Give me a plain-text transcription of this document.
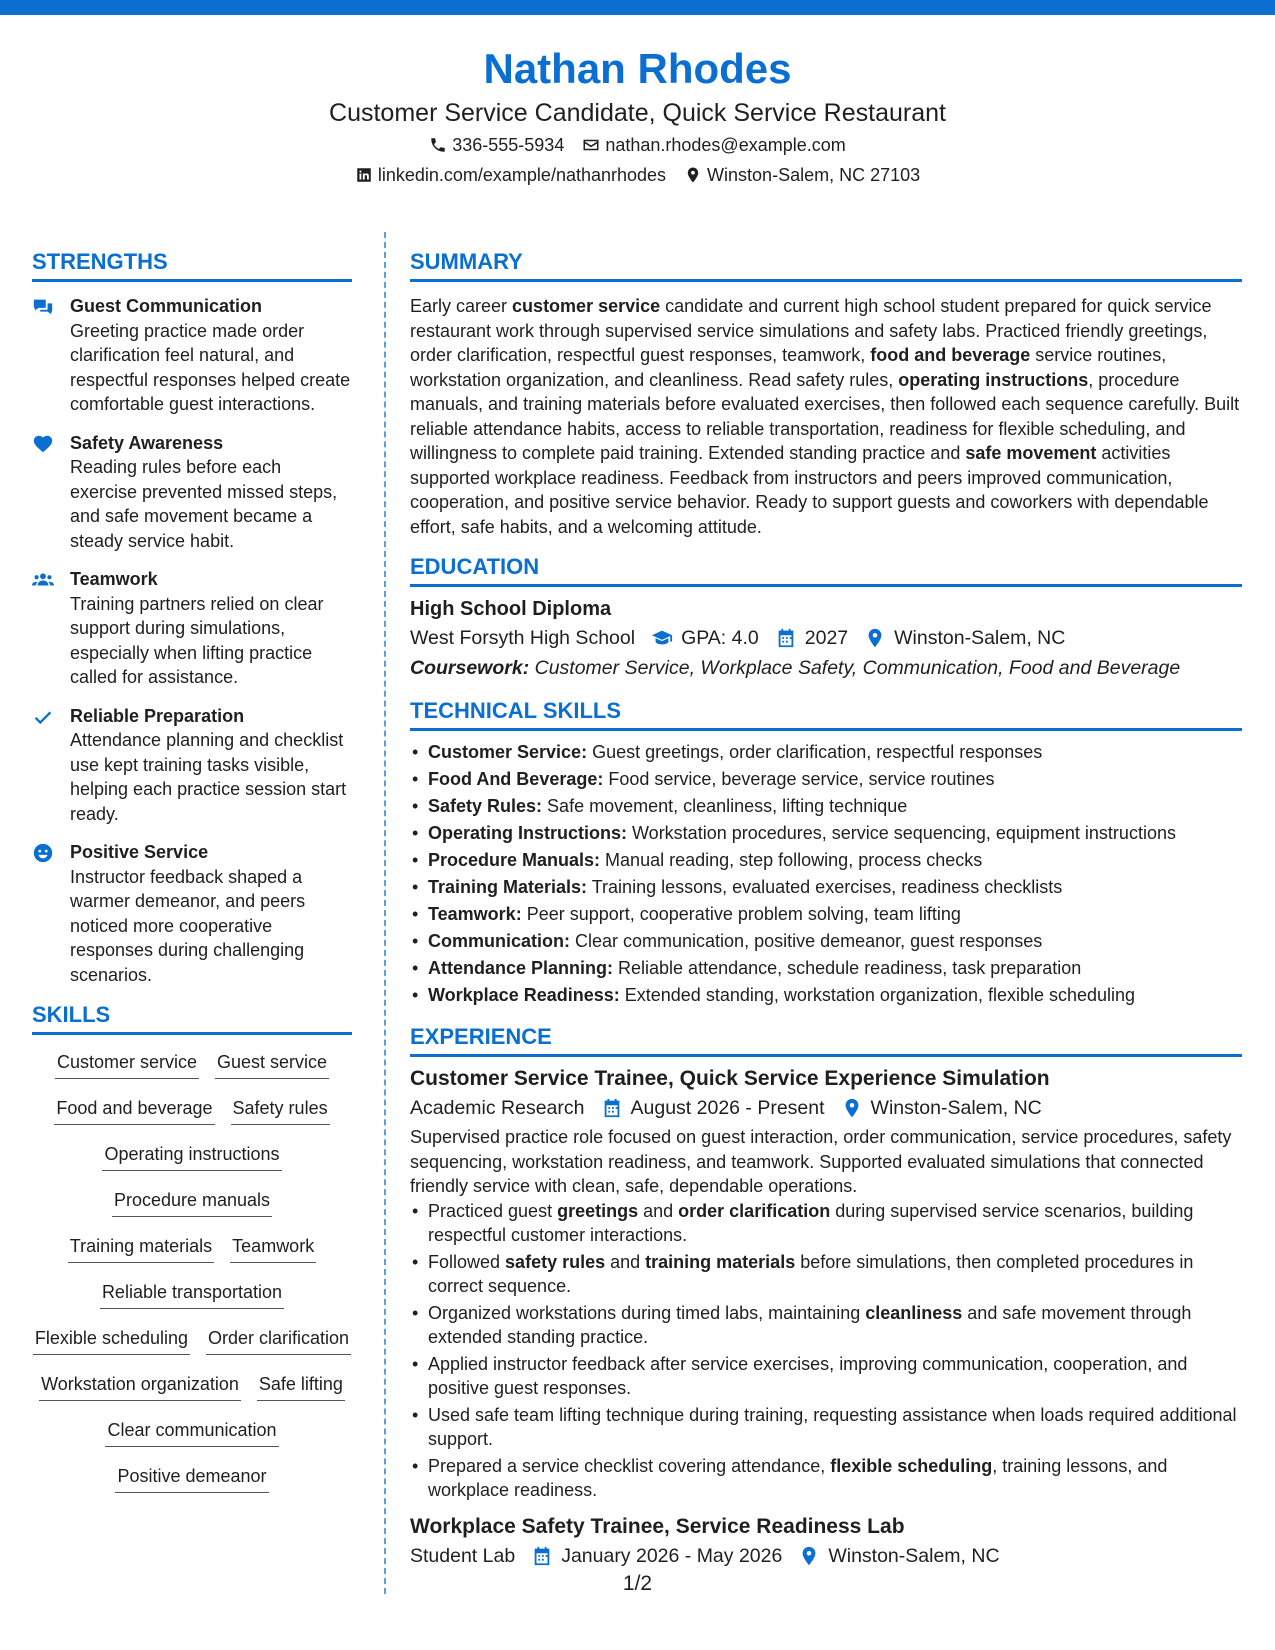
Nathan Rhodes
Customer Service Candidate, Quick Service Restaurant
336-555-5934 nathan.rhodes@example.com
linkedin.com/example/nathanrhodes Winston-Salem, NC 27103
STRENGTHS
Guest Communication
Greeting practice made order clarification feel natural, and respectful responses helped create comfortable guest interactions.
Safety Awareness
Reading rules before each exercise prevented missed steps, and safe movement became a steady service habit.
Teamwork
Training partners relied on clear support during simulations, especially when lifting practice called for assistance.
Reliable Preparation
Attendance planning and checklist use kept training tasks visible, helping each practice session start ready.
Positive Service
Instructor feedback shaped a warmer demeanor, and peers noticed more cooperative responses during challenging scenarios.
SKILLS
Customer service Guest service
Food and beverage Safety rules
Operating instructions
Procedure manuals
Training materials Teamwork
Reliable transportation
Flexible scheduling Order clarification
Workstation organization Safe lifting
Clear communication
Positive demeanor
SUMMARY
Early career customer service candidate and current high school student prepared for quick service restaurant work through supervised service simulations and safety labs. Practiced friendly greetings, order clarification, respectful guest responses, teamwork, food and beverage service routines, workstation organization, and cleanliness. Read safety rules, operating instructions, procedure manuals, and training materials before evaluated exercises, then followed each sequence carefully. Built reliable attendance habits, access to reliable transportation, readiness for flexible scheduling, and willingness to complete paid training. Extended standing practice and safe movement activities supported workplace readiness. Feedback from instructors and peers improved communication, cooperation, and positive service behavior. Ready to support guests and coworkers with dependable effort, safe habits, and a welcoming attitude.
EDUCATION
High School Diploma
West Forsyth High School GPA: 4.0 2027 Winston-Salem, NC
Coursework: Customer Service, Workplace Safety, Communication, Food and Beverage
TECHNICAL SKILLS
• Customer Service: Guest greetings, order clarification, respectful responses
• Food And Beverage: Food service, beverage service, service routines
• Safety Rules: Safe movement, cleanliness, lifting technique
• Operating Instructions: Workstation procedures, service sequencing, equipment instructions
• Procedure Manuals: Manual reading, step following, process checks
• Training Materials: Training lessons, evaluated exercises, readiness checklists
• Teamwork: Peer support, cooperative problem solving, team lifting
• Communication: Clear communication, positive demeanor, guest responses
• Attendance Planning: Reliable attendance, schedule readiness, task preparation
• Workplace Readiness: Extended standing, workstation organization, flexible scheduling
EXPERIENCE
Customer Service Trainee, Quick Service Experience Simulation
Academic Research August 2026 - Present Winston-Salem, NC
Supervised practice role focused on guest interaction, order communication, service procedures, safety sequencing, workstation readiness, and teamwork. Supported evaluated simulations that connected friendly service with clean, safe, dependable operations.
• Practiced guest greetings and order clarification during supervised service scenarios, building respectful customer interactions.
• Followed safety rules and training materials before simulations, then completed procedures in correct sequence.
• Organized workstations during timed labs, maintaining cleanliness and safe movement through extended standing practice.
• Applied instructor feedback after service exercises, improving communication, cooperation, and positive guest responses.
• Used safe team lifting technique during training, requesting assistance when loads required additional support.
• Prepared a service checklist covering attendance, flexible scheduling, training lessons, and workplace readiness.
Workplace Safety Trainee, Service Readiness Lab
Student Lab January 2026 - May 2026 Winston-Salem, NC
1/2
